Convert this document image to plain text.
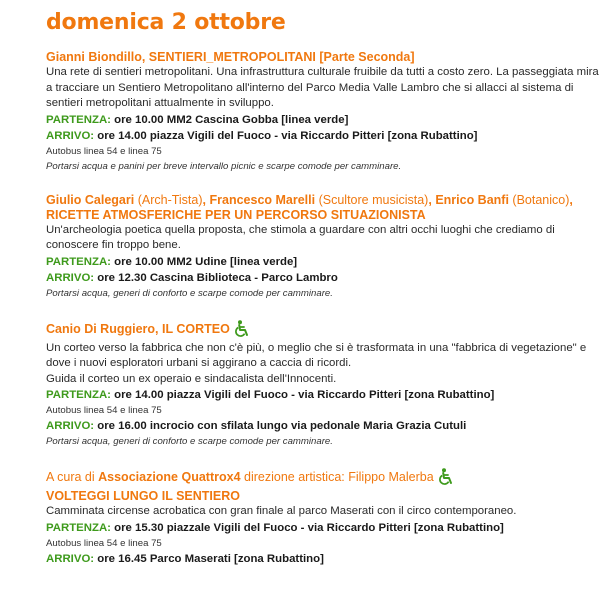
domenica 2 ottobre
Gianni Biondillo, SENTIERI_METROPOLITANI [Parte Seconda]
Una rete di sentieri metropolitani. Una infrastruttura culturale fruibile da tutti a costo zero. La passeggiata mira a tracciare un Sentiero Metropolitano all'interno del Parco Media Valle Lambro che si allacci al sistema di sentieri metropolitani attualmente in sviluppo.
PARTENZA: ore 10.00 MM2 Cascina Gobba [linea verde]
ARRIVO: ore 14.00 piazza Vigili del Fuoco - via Riccardo Pitteri [zona Rubattino]
Autobus linea 54 e linea 75
Portarsi acqua e panini per breve intervallo picnic e scarpe comode per camminare.
Giulio Calegari (Arch-Tista), Francesco Marelli (Scultore musicista), Enrico Banfi (Botanico), RICETTE ATMOSFERICHE PER UN PERCORSO SITUAZIONISTA
Un'archeologia poetica quella proposta, che stimola a guardare con altri occhi luoghi che crediamo di conoscere fin troppo bene.
PARTENZA: ore 10.00 MM2 Udine [linea verde]
ARRIVO: ore 12.30 Cascina Biblioteca - Parco Lambro
Portarsi acqua, generi di conforto e scarpe comode per camminare.
Canio Di Ruggiero, IL CORTEO
Un corteo verso la fabbrica che non c'è più, o meglio che si è trasformata in una "fabbrica di vegetazione" e dove i nuovi esploratori urbani si aggirano a caccia di ricordi.
Guida il corteo un ex operaio e sindacalista dell'Innocenti.
PARTENZA: ore 14.00 piazza Vigili del Fuoco - via Riccardo Pitteri [zona Rubattino]
Autobus linea 54 e linea 75
ARRIVO: ore 16.00 incrocio con sfilata lungo via pedonale Maria Grazia Cutuli
Portarsi acqua, generi di conforto e scarpe comode per camminare.
A cura di Associazione Quattrox4 direzione artistica: Filippo Malerba
VOLTEGGI LUNGO IL SENTIERO
Camminata circense acrobatica con gran finale al parco Maserati con il circo contemporaneo.
PARTENZA: ore 15.30 piazzale Vigili del Fuoco - via Riccardo Pitteri [zona Rubattino]
Autobus linea 54 e linea 75
ARRIVO: ore 16.45 Parco Maserati [zona Rubattino]
